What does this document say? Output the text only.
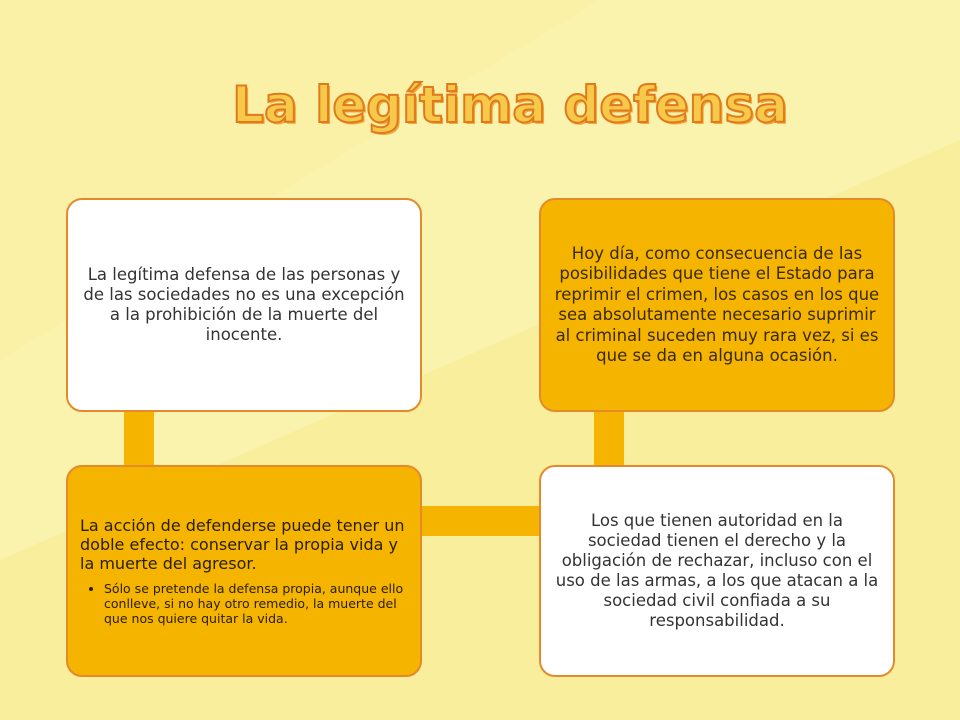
La legítima defensa

La legítima defensa de las personas y de las sociedades no es una excepción a la prohibición de la muerte del inocente.

Hoy día, como consecuencia de las posibilidades que tiene el Estado para reprimir el crimen, los casos en los que sea absolutamente necesario suprimir al criminal suceden muy rara vez, si es que se da en alguna ocasión.

La acción de defenderse puede tener un doble efecto: conservar la propia vida y la muerte del agresor.

• Sólo se pretende la defensa propia, aunque ello conlleve, si no hay otro remedio, la muerte del que nos quiere quitar la vida.

Los que tienen autoridad en la sociedad tienen el derecho y la obligación de rechazar, incluso con el uso de las armas, a los que atacan a la sociedad civil confiada a su responsabilidad.
